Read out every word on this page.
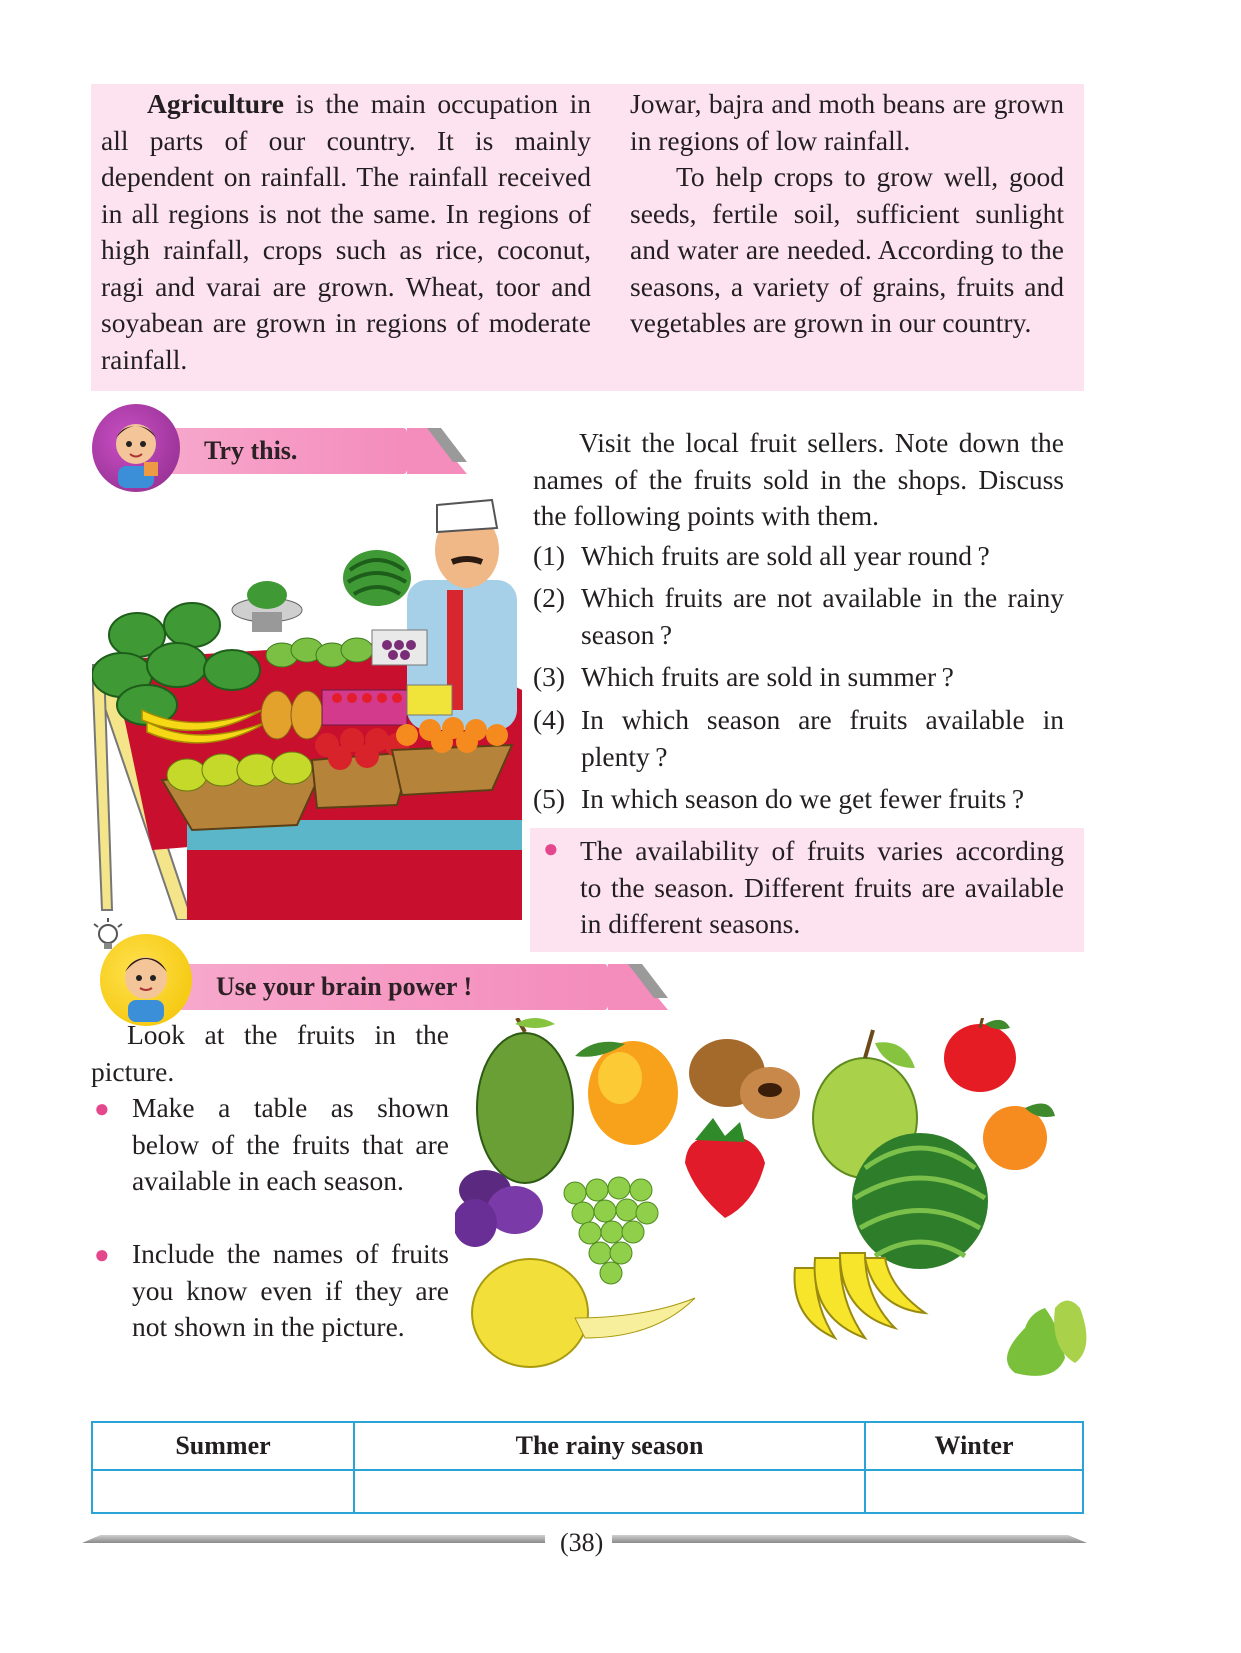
Agriculture is the main occupation in all parts of our country. It is mainly dependent on rainfall. The rainfall received in all regions is not the same. In regions of high rainfall, crops such as rice, coconut, ragi and varai are grown. Wheat, toor and soyabean are grown in regions of moderate rainfall.
Jowar, bajra and moth beans are grown in regions of low rainfall.
To help crops to grow well, good seeds, fertile soil, sufficient sunlight and water are needed. According to the seasons, a variety of grains, fruits and vegetables are grown in our country.
Try this.	Visit the local fruit sellers. Note down the names of the fruits sold in the shops. Discuss the following points with them.
(1) Which fruits are sold all year round ?
(2) Which fruits are not available in the rainy season ?
(3) Which fruits are sold in summer ?
(4) In which season are fruits available in plenty ?
(5) In which season do we get fewer fruits ?
● The availability of fruits varies according to the season. Different fruits are available in different seasons.
Use your brain power !
Look at the fruits in the picture.
● Make a table as shown below of the fruits that are available in each season.
● Include the names of fruits you know even if they are not shown in the picture.
Summer	The rainy season	Winter

(38)
